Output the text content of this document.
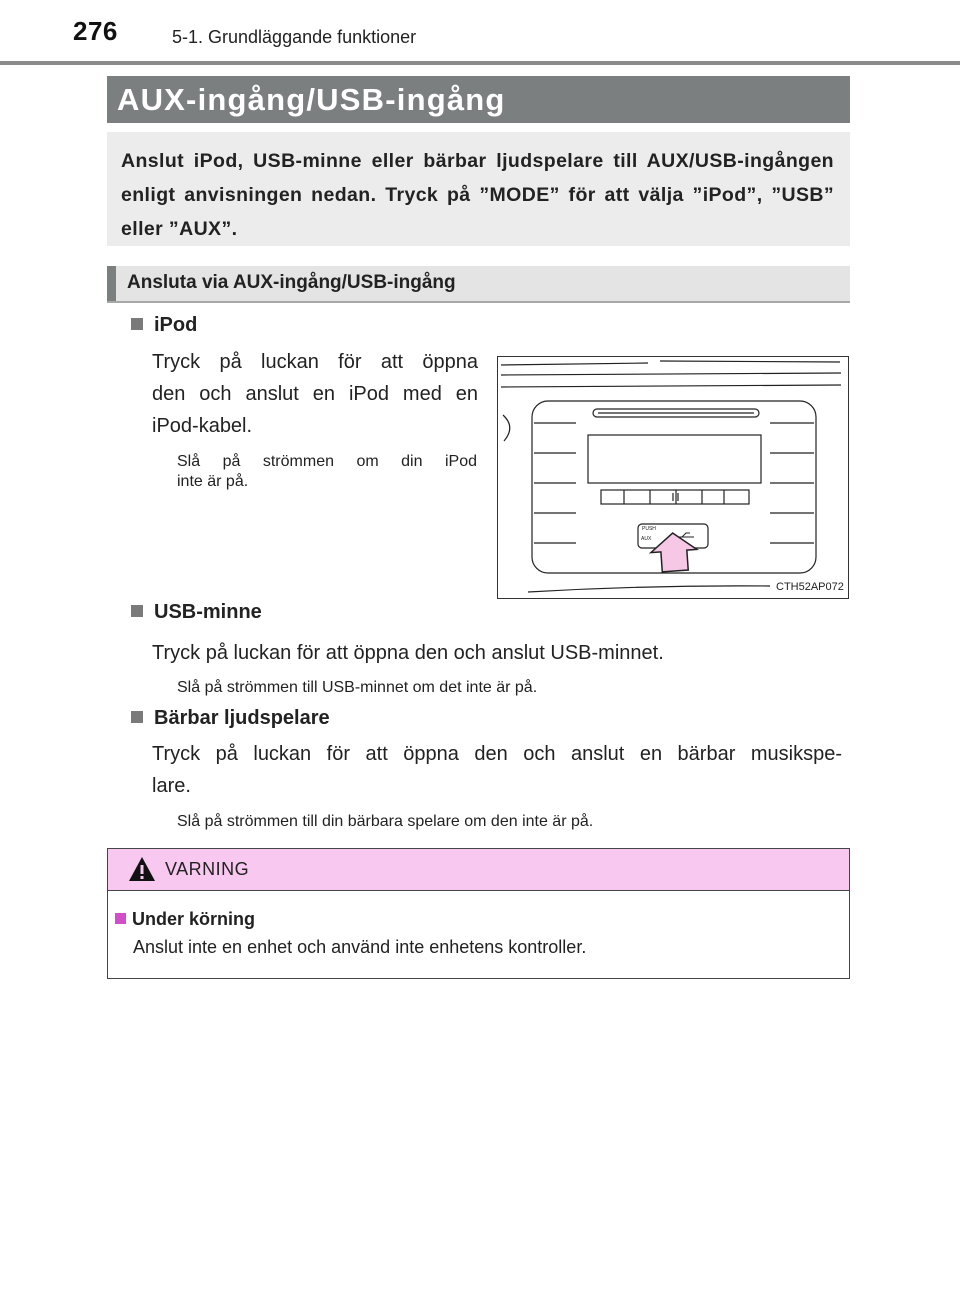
276	5-1. Grundläggande funktioner
AUX-ingång/USB-ingång

Anslut iPod, USB-minne eller bärbar ljudspelare till AUX/USB-ingången enligt anvisningen nedan. Tryck på ”MODE” för att välja ”iPod”, ”USB” eller ”AUX”.

Ansluta via AUX-ingång/USB-ingång
iPod
Tryck på luckan för att öppna
den och anslut en iPod med en
iPod-kabel.
Slå på strömmen om din iPod
inte är på.
PUSH
AUX
CTH52AP072
USB-minne
Tryck på luckan för att öppna den och anslut USB-minnet.
Slå på strömmen till USB-minnet om det inte är på.
Bärbar ljudspelare
Tryck på luckan för att öppna den och anslut en bärbar musikspe-
lare.
Slå på strömmen till din bärbara spelare om den inte är på.
VARNING
Under körning
Anslut inte en enhet och använd inte enhetens kontroller.
